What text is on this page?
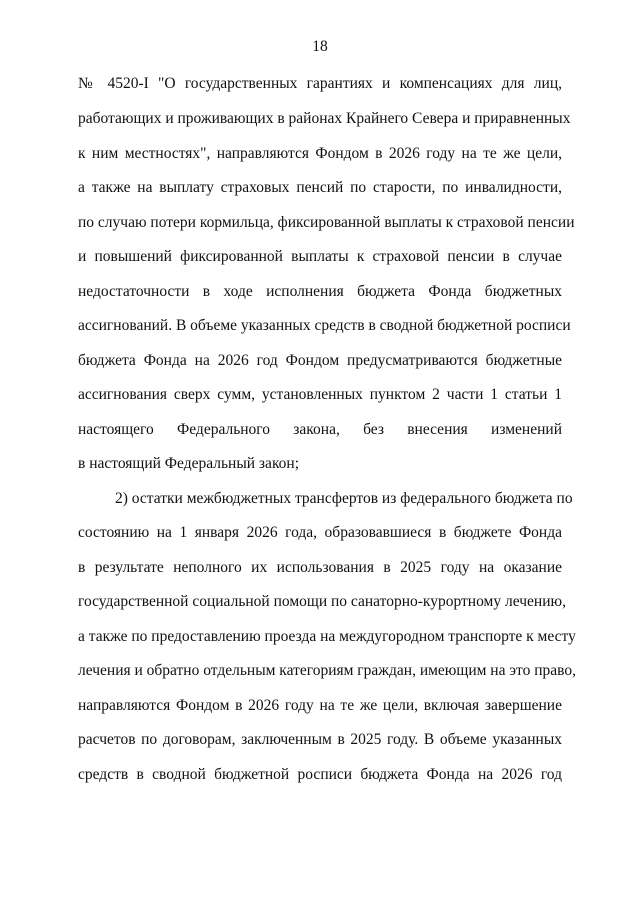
18
№ 4520-I "О государственных гарантиях и компенсациях для лиц,
работающих и проживающих в районах Крайнего Севера и приравненных
к ним местностях", направляются Фондом в 2026 году на те же цели,
а также на выплату страховых пенсий по старости, по инвалидности,
по случаю потери кормильца, фиксированной выплаты к страховой пенсии
и повышений фиксированной выплаты к страховой пенсии в случае
недостаточности в ходе исполнения бюджета Фонда бюджетных
ассигнований. В объеме указанных средств в сводной бюджетной росписи
бюджета Фонда на 2026 год Фондом предусматриваются бюджетные
ассигнования сверх сумм, установленных пунктом 2 части 1 статьи 1
настоящего Федерального закона, без внесения изменений
в настоящий Федеральный закон;
2) остатки межбюджетных трансфертов из федерального бюджета по
состоянию на 1 января 2026 года, образовавшиеся в бюджете Фонда
в результате неполного их использования в 2025 году на оказание
государственной социальной помощи по санаторно-курортному лечению,
а также по предоставлению проезда на междугородном транспорте к месту
лечения и обратно отдельным категориям граждан, имеющим на это право,
направляются Фондом в 2026 году на те же цели, включая завершение
расчетов по договорам, заключенным в 2025 году. В объеме указанных
средств в сводной бюджетной росписи бюджета Фонда на 2026 год
